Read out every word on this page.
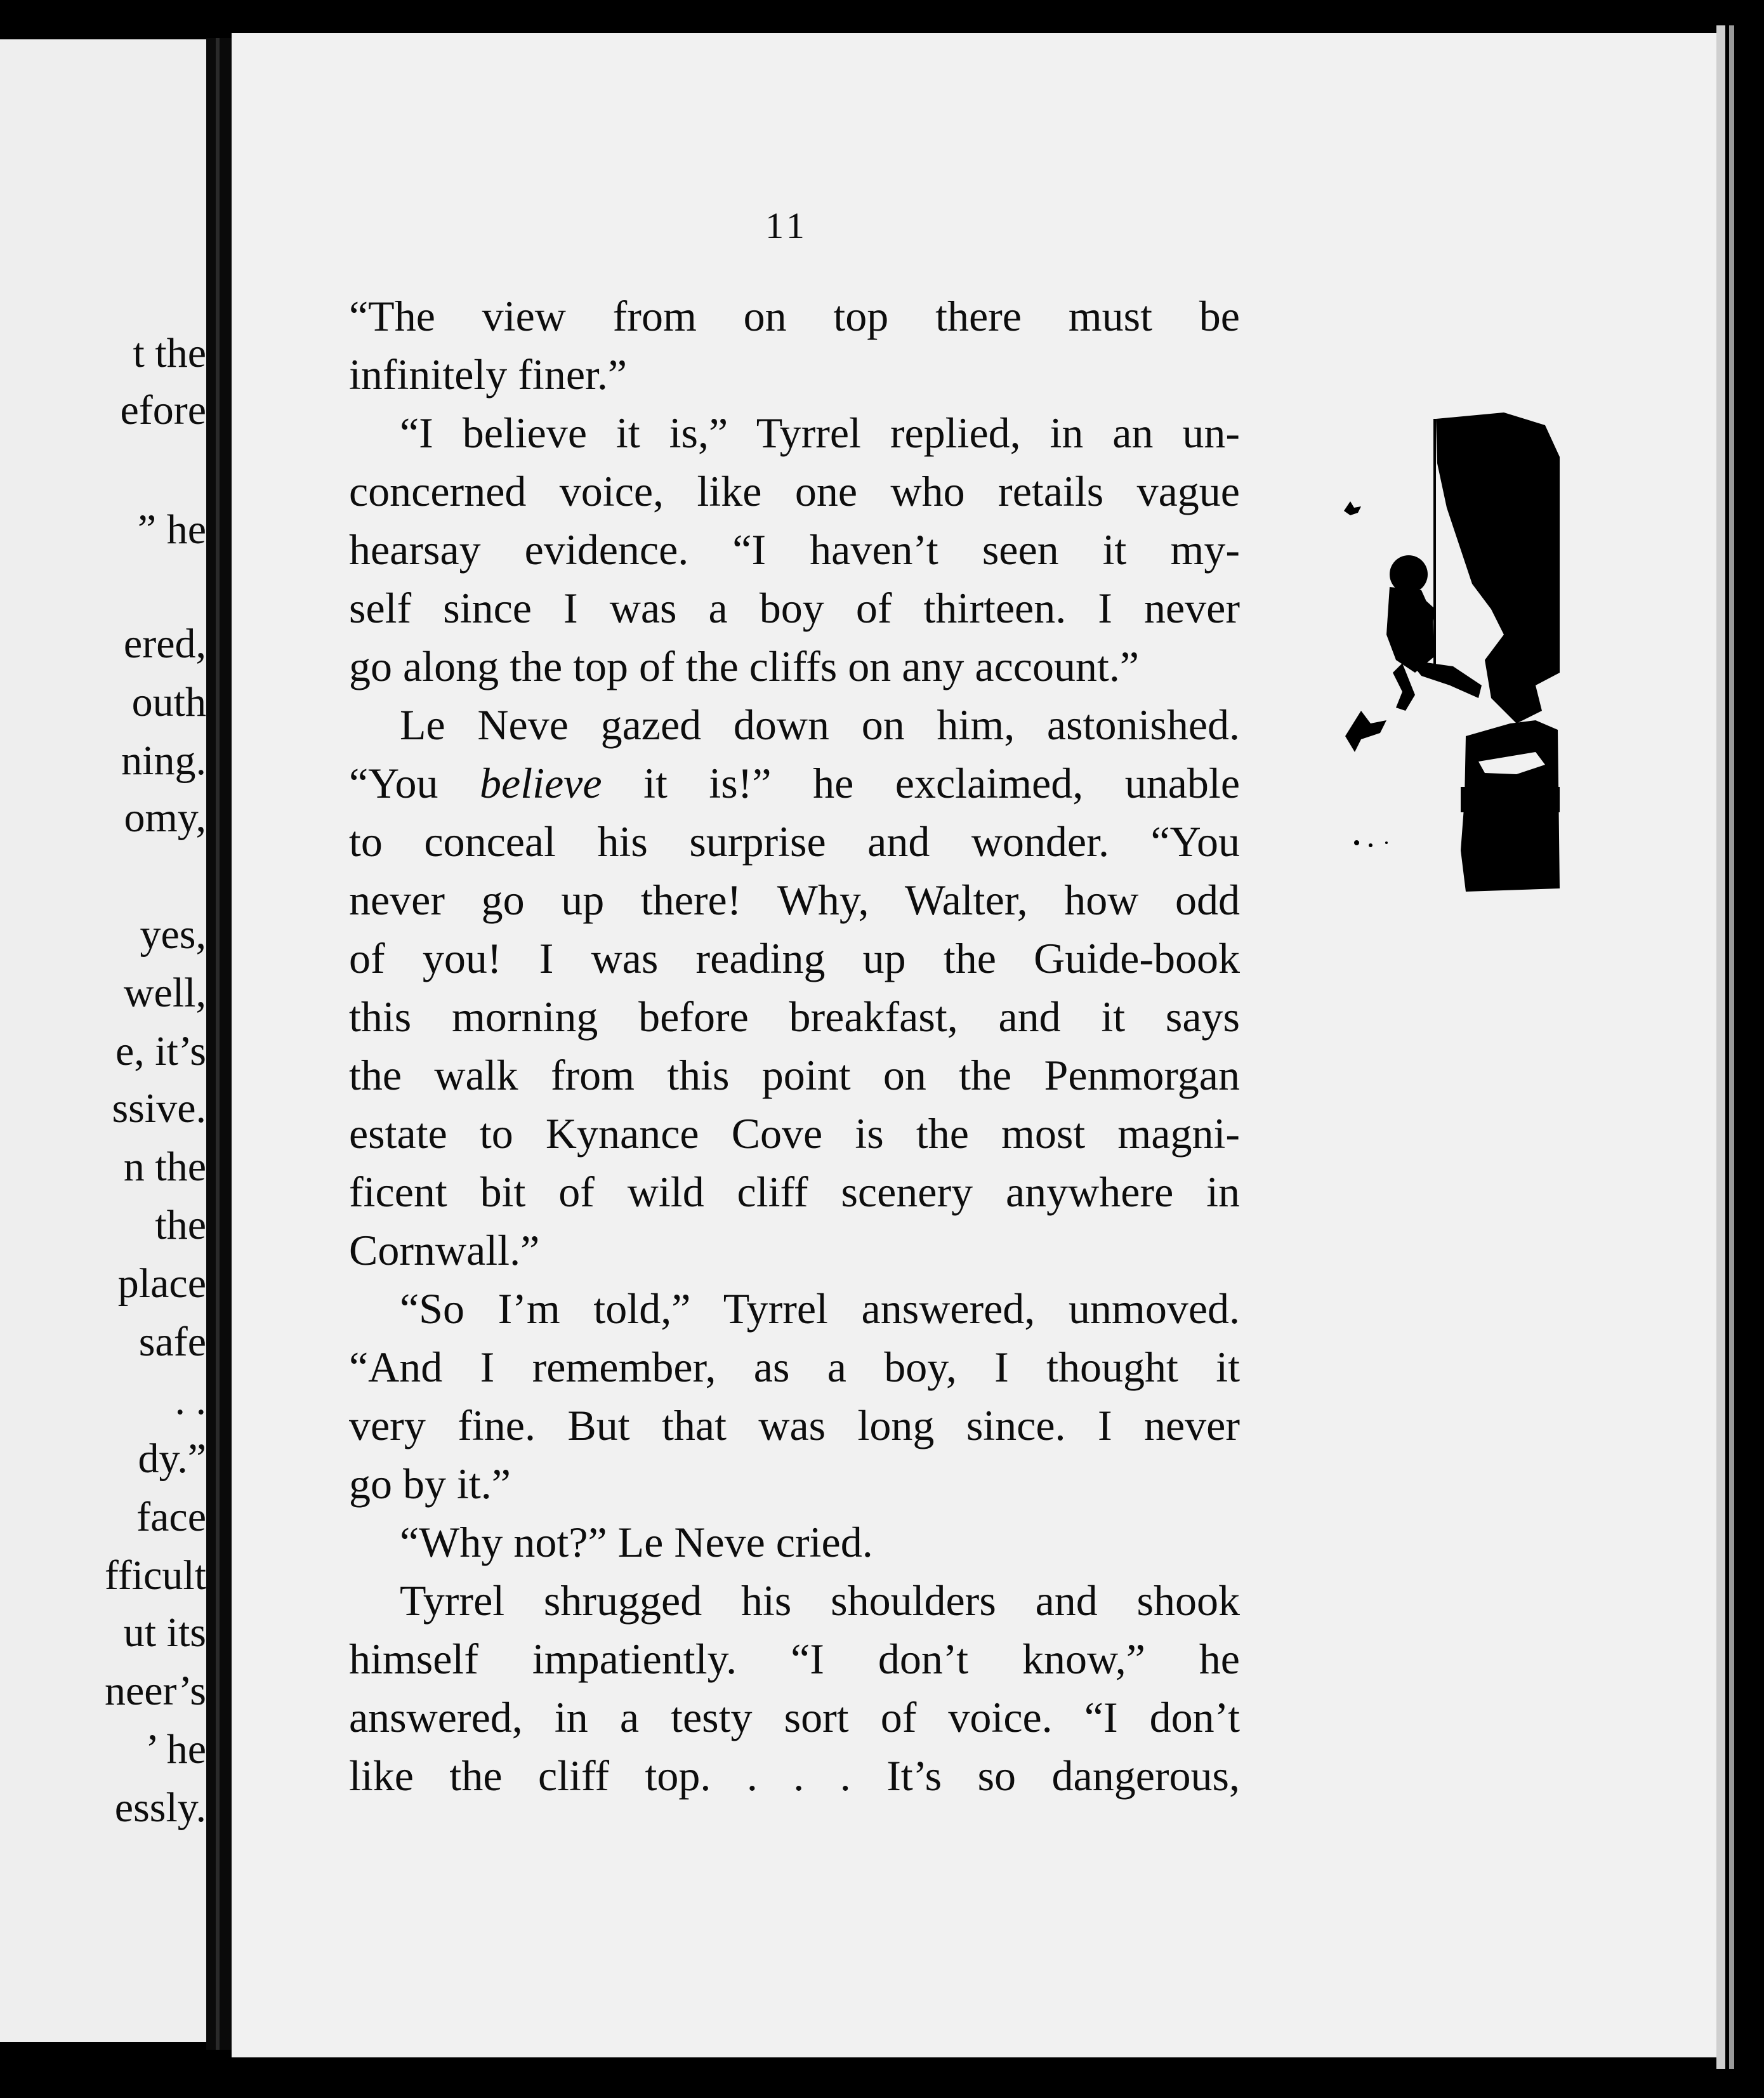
t the
efore
” he
ered,
outh
ning.
omy,
yes,
well,
e, it’s
ssive.
n the
the
place
safe
. .
dy.”
face
fficult
ut its
neer’s
’ he
essly.
11
“The view from on top there must be
infinitely finer.”
“I believe it is,” Tyrrel replied, in an un-
concerned voice, like one who retails vague
hearsay evidence. “I haven’t seen it my-
self since I was a boy of thirteen. I never
go along the top of the cliffs on any account.”
Le Neve gazed down on him, astonished.
“You believe it is!” he exclaimed, unable
to conceal his surprise and wonder. “You
never go up there! Why, Walter, how odd
of you! I was reading up the Guide-book
this morning before breakfast, and it says
the walk from this point on the Penmorgan
estate to Kynance Cove is the most magni-
ficent bit of wild cliff scenery anywhere in
Cornwall.”
“So I’m told,” Tyrrel answered, unmoved.
“And I remember, as a boy, I thought it
very fine. But that was long since. I never
go by it.”
“Why not?” Le Neve cried.
Tyrrel shrugged his shoulders and shook
himself impatiently. “I don’t know,” he
answered, in a testy sort of voice. “I don’t
like the cliff top. . . . It’s so dangerous,
